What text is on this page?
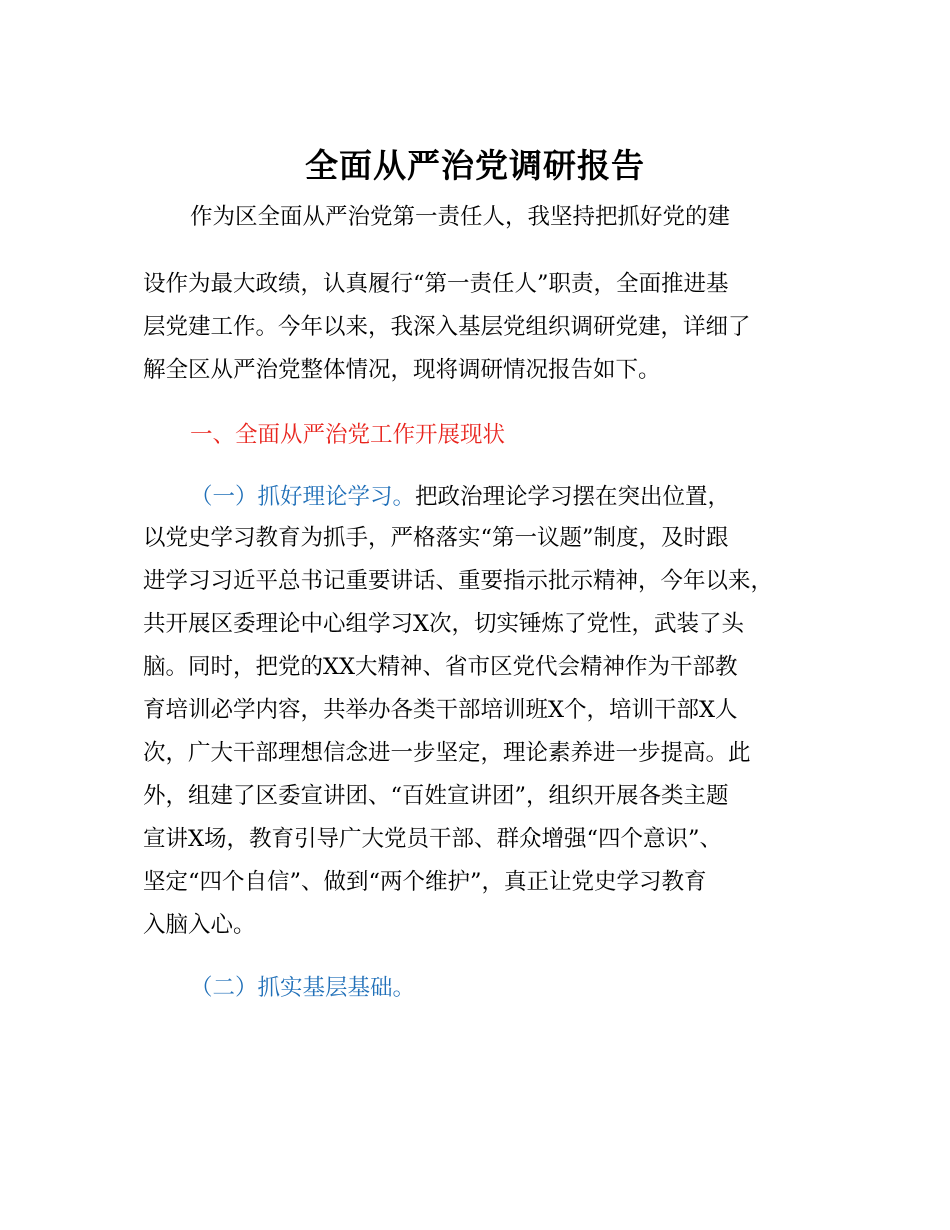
全面从严治党调研报告
作为区全面从严治党第一责任人，我坚持把抓好党的建
设作为最大政绩，认真履行“第一责任人”职责，全面推进基
层党建工作。今年以来，我深入基层党组织调研党建，详细了
解全区从严治党整体情况，现将调研情况报告如下。
一、全面从严治党工作开展现状
（一）抓好理论学习。把政治理论学习摆在突出位置，
以党史学习教育为抓手，严格落实“第一议题”制度，及时跟
进学习习近平总书记重要讲话、重要指示批示精神，今年以来，
共开展区委理论中心组学习X次，切实锤炼了党性，武装了头
脑。同时，把党的XX大精神、省市区党代会精神作为干部教
育培训必学内容，共举办各类干部培训班X个，培训干部X人
次，广大干部理想信念进一步坚定，理论素养进一步提高。此
外，组建了区委宣讲团、“百姓宣讲团”，组织开展各类主题
宣讲X场，教育引导广大党员干部、群众增强“四个意识”、
坚定“四个自信”、做到“两个维护”，真正让党史学习教育
入脑入心。
（二）抓实基层基础。
